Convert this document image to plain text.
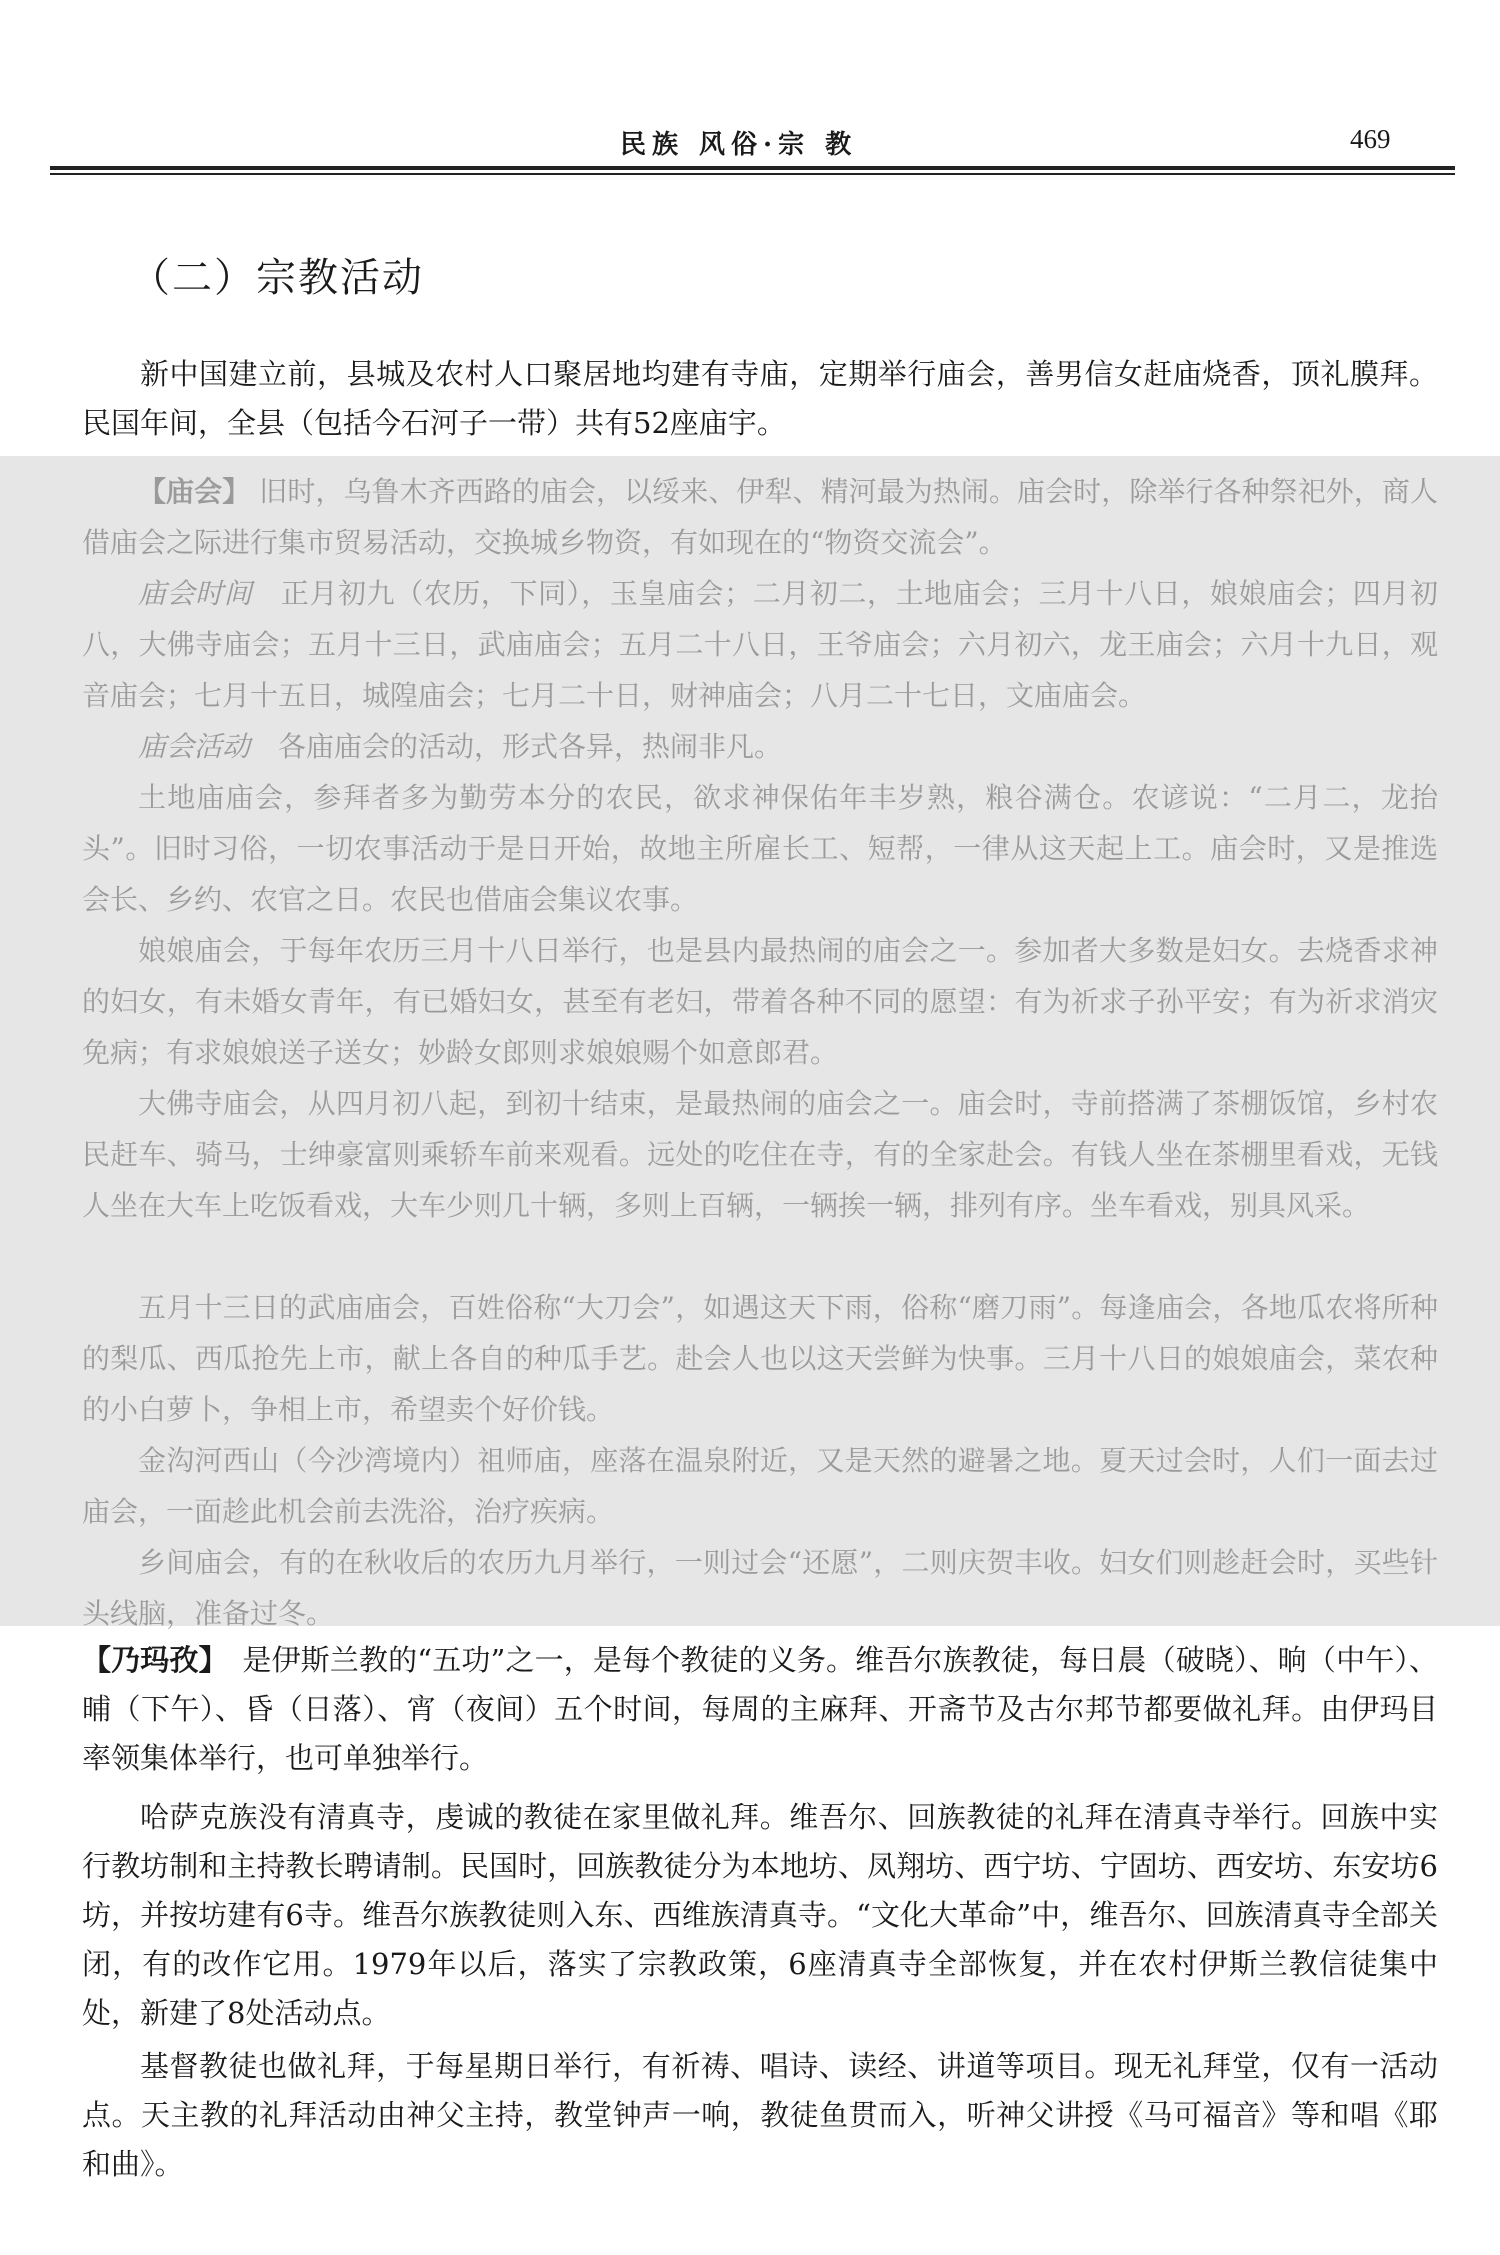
民族 风俗·宗 教	469
（二）宗教活动

新中国建立前，县城及农村人口聚居地均建有寺庙，定期举行庙会，善男信女赶庙烧香，顶礼膜拜。民国年间，全县（包括今石河子一带）共有52座庙宇。

【庙会】 旧时，乌鲁木齐西路的庙会，以绥来、伊犁、精河最为热闹。庙会时，除举行各种祭祀外，商人借庙会之际进行集市贸易活动，交换城乡物资，有如现在的“物资交流会”。

庙会时间　 正月初九（农历，下同），玉皇庙会；二月初二，土地庙会；三月十八日，娘娘庙会；四月初八，大佛寺庙会；五月十三日，武庙庙会；五月二十八日，王爷庙会；六月初六，龙王庙会；六月十九日，观音庙会；七月十五日，城隍庙会；七月二十日，财神庙会；八月二十七日，文庙庙会。

庙会活动　 各庙庙会的活动，形式各异，热闹非凡。

土地庙庙会，参拜者多为勤劳本分的农民，欲求神保佑年丰岁熟，粮谷满仓。农谚说：“二月二，龙抬头”。旧时习俗，一切农事活动于是日开始，故地主所雇长工、短帮，一律从这天起上工。庙会时，又是推选会长、乡约、农官之日。农民也借庙会集议农事。

娘娘庙会，于每年农历三月十八日举行，也是县内最热闹的庙会之一。参加者大多数是妇女。去烧香求神的妇女，有未婚女青年，有已婚妇女，甚至有老妇，带着各种不同的愿望：有为祈求子孙平安；有为祈求消灾免病；有求娘娘送子送女；妙龄女郎则求娘娘赐个如意郎君。

大佛寺庙会，从四月初八起，到初十结束，是最热闹的庙会之一。庙会时，寺前搭满了茶棚饭馆，乡村农民赶车、骑马，士绅豪富则乘轿车前来观看。远处的吃住在寺，有的全家赴会。有钱人坐在茶棚里看戏，无钱人坐在大车上吃饭看戏，大车少则几十辆，多则上百辆，一辆挨一辆，排列有序。坐车看戏，别具风采。

五月十三日的武庙庙会，百姓俗称“大刀会”，如遇这天下雨，俗称“磨刀雨”。每逢庙会，各地瓜农将所种的梨瓜、西瓜抢先上市，献上各自的种瓜手艺。赴会人也以这天尝鲜为快事。三月十八日的娘娘庙会，菜农种的小白萝卜，争相上市，希望卖个好价钱。

金沟河西山（今沙湾境内）祖师庙，座落在温泉附近，又是天然的避暑之地。夏天过会时，人们一面去过庙会，一面趁此机会前去洗浴，治疗疾病。

乡间庙会，有的在秋收后的农历九月举行，一则过会“还愿”，二则庆贺丰收。妇女们则趁赶会时，买些针头线脑，准备过冬。

【乃玛孜】　 是伊斯兰教的“五功”之一，是每个教徒的义务。维吾尔族教徒，每日晨（破晓）、晌（中午）、晡（下午）、昏（日落）、宵（夜间）五个时间，每周的主麻拜、开斋节及古尔邦节都要做礼拜。由伊玛目率领集体举行，也可单独举行。

哈萨克族没有清真寺，虔诚的教徒在家里做礼拜。维吾尔、回族教徒的礼拜在清真寺举行。回族中实行教坊制和主持教长聘请制。民国时，回族教徒分为本地坊、凤翔坊、西宁坊、宁固坊、西安坊、东安坊6坊，并按坊建有6寺。维吾尔族教徒则入东、西维族清真寺。“文化大革命”中，维吾尔、回族清真寺全部关闭，有的改作它用。1979年以后，落实了宗教政策，6座清真寺全部恢复，并在农村伊斯兰教信徒集中处，新建了8处活动点。

基督教徒也做礼拜，于每星期日举行，有祈祷、唱诗、读经、讲道等项目。现无礼拜堂，仅有一活动点。天主教的礼拜活动由神父主持，教堂钟声一响，教徒鱼贯而入，听神父讲授《马可福音》等和唱《耶和曲》。
